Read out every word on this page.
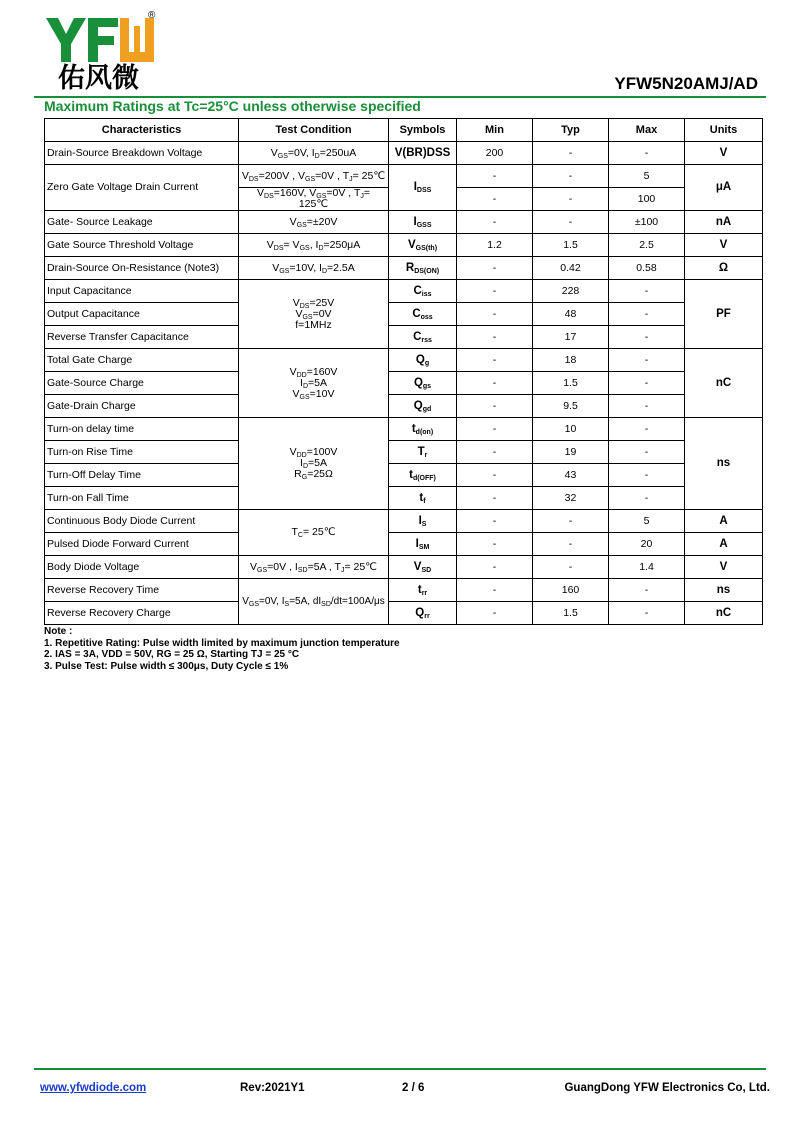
®
佑风微	YFW5N20AMJ/AD
Maximum Ratings at Tc=25°C unless otherwise specified
Characteristics	Test Condition	Symbols	Min	Typ	Max	Units
Drain-Source Breakdown Voltage	$V_{GS}=0V$, $I_D=250uA$	V(BR)DSS	200	-	-	V
Zero Gate Voltage Drain Current	$V_{DS}=200V$ , $V_{GS}=0V$ , $T_J=$ 25℃	$I_{DSS}$	-	-	5	μA
	$V_{DS}=160V$, $V_{GS}=0V$ , $T_J=$ 125℃		-	-	100	
Gate- Source Leakage	$V_{GS}=\pm 20V$	$I_{GSS}$	-	-	±100	nA
Gate Source Threshold Voltage	$V_{DS}= V_{GS}$, $I_D=250\mu A$	$V_{GS(th)}$	1.2	1.5	2.5	V
Drain-Source On-Resistance (Note3)	$V_{GS}=10V$, $I_D=2.5A$	$R_{DS(ON)}$	-	0.42	0.58	Ω
Input Capacitance	$V_{DS}=25V$
$V_{GS}=0V$
f=1MHz	$C_{iss}$	-	228	-	PF
Output Capacitance		$C_{oss}$	-	48	-	
Reverse Transfer Capacitance		$C_{rss}$	-	17	-	
Total Gate Charge	$V_{DD}=160V$
$I_D=5A$
$V_{GS}=10V$	$Q_g$	-	18	-	nC
Gate-Source Charge		$Q_{gs}$	-	1.5	-	
Gate-Drain Charge		$Q_{gd}$	-	9.5	-	
Turn-on delay time	$V_{DD}=100V$
$I_D=5A$
$R_G=25\Omega$	$t_{d(on)}$	-	10	-	ns
Turn-on Rise Time		$T_r$	-	19	-	
Turn-Off Delay Time		$t_{d(OFF)}$	-	43	-	
Turn-on Fall Time		$t_f$	-	32	-	
Continuous Body Diode Current	$T_C=$ 25℃	$I_S$	-	-	5	A
Pulsed Diode Forward Current		$I_{SM}$	-	-	20	A
Body Diode Voltage	$V_{GS}=0V$ , $I_{SD}=5A$ , $T_J=$ 25℃	$V_{SD}$	-	-	1.4	V
Reverse Recovery Time	$V_{GS}=0V$, $I_S=5A$, $dI_{SD}/dt=100A/\mu s$	$t_{rr}$	-	160	-	ns
Reverse Recovery Charge		$Q_{rr}$	-	1.5	-	nC
Note :
1. Repetitive Rating: Pulse width limited by maximum junction temperature
2. IAS = 3A, VDD = 50V, RG = 25 Ω, Starting TJ = 25 °C
3. Pulse Test: Pulse width ≤ 300μs, Duty Cycle ≤ 1%
www.yfwdiode.com	Rev:2021Y1	2 / 6	GuangDong YFW Electronics Co, Ltd.
